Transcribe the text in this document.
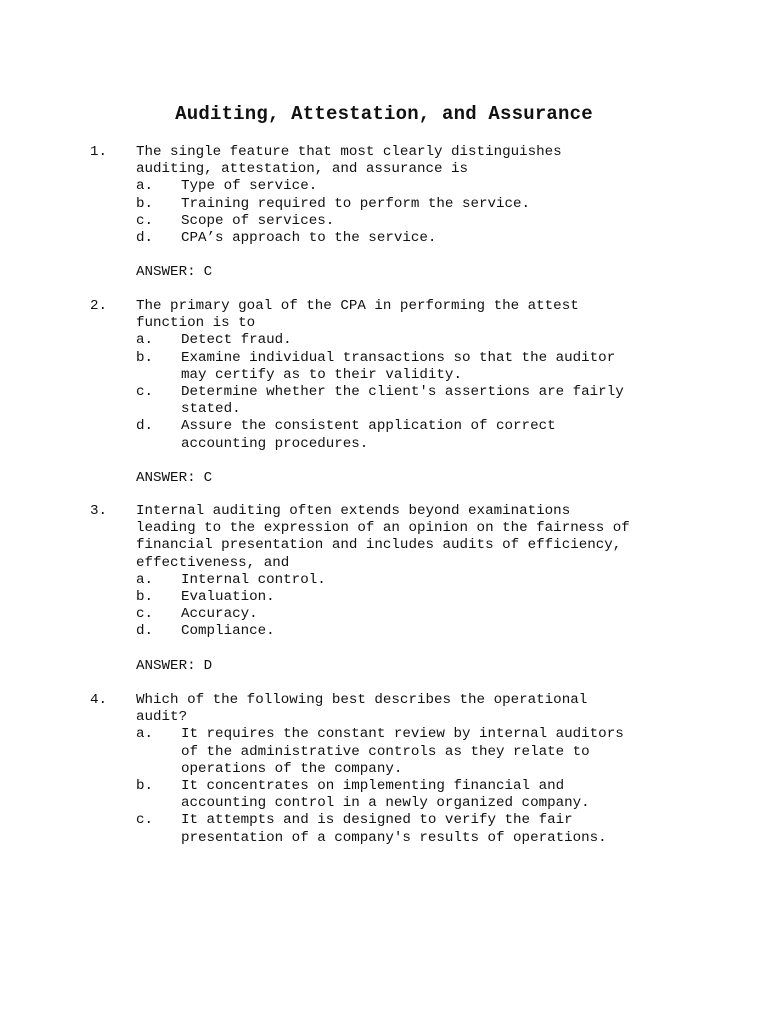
Auditing, Attestation, and Assurance
1.	The single feature that most clearly distinguishes
auditing, attestation, and assurance is
a. Type of service.
b. Training required to perform the service.
c. Scope of services.
d. CPA’s approach to the service.
ANSWER: C
2.	The primary goal of the CPA in performing the attest
function is to
a. Detect fraud.
b. Examine individual transactions so that the auditor
may certify as to their validity.
c. Determine whether the client's assertions are fairly
stated.
d. Assure the consistent application of correct
accounting procedures.
ANSWER: C
3.	Internal auditing often extends beyond examinations
leading to the expression of an opinion on the fairness of
financial presentation and includes audits of efficiency,
effectiveness, and
a. Internal control.
b. Evaluation.
c. Accuracy.
d. Compliance.
ANSWER: D
4.	Which of the following best describes the operational
audit?
a. It requires the constant review by internal auditors
of the administrative controls as they relate to
operations of the company.
b. It concentrates on implementing financial and
accounting control in a newly organized company.
c. It attempts and is designed to verify the fair
presentation of a company's results of operations.
